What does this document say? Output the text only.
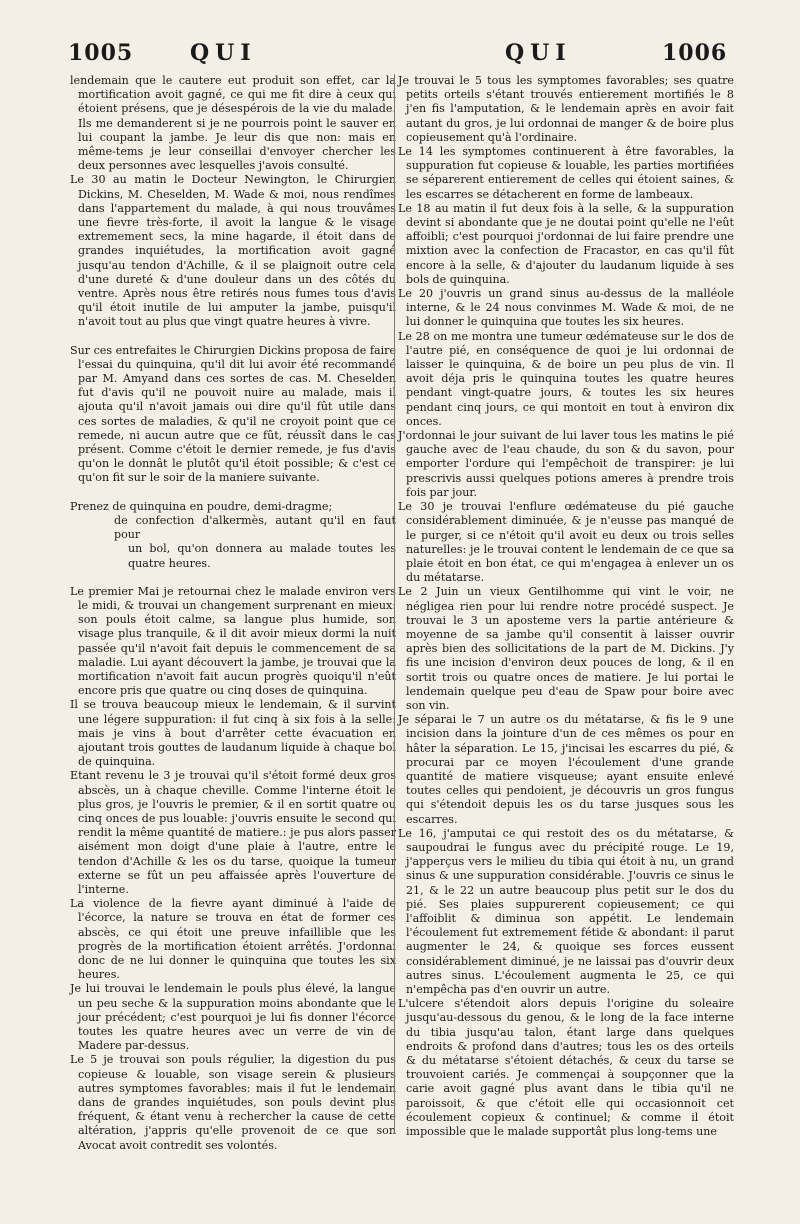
1005	QUI	QUI	1006

lendemain que le cautere eut produit son effet, car la mortification avoit gagné, ce qui me fit dire à ceux qui étoient présens, que je désespérois de la vie du malade. Ils me demanderent si je ne pourrois point le sauver en lui coupant la jambe. Je leur dis que non: mais en même-tems je leur conseillai d'envoyer chercher les deux personnes avec lesquelles j'avois consulté.

Le 30 au matin le Docteur Newington, le Chirurgien Dickins, M. Cheselden, M. Wade & moi, nous rendîmes dans l'appartement du malade, à qui nous trouvâmes une fievre très-forte, il avoit la langue & le visage extremement secs, la mine hagarde, il étoit dans de grandes inquiétudes, la mortification avoit gagné jusqu'au tendon d'Achille, & il se plaignoit outre cela d'une dureté & d'une douleur dans un des côtés du ventre. Après nous être retirés nous fumes tous d'avis qu'il étoit inutile de lui amputer la jambe, puisqu'il n'avoit tout au plus que vingt quatre heures à vivre.

Sur ces entrefaites le Chirurgien Dickins proposa de faire l'essai du quinquina, qu'il dit lui avoir été recommandé par M. Amyand dans ces sortes de cas. M. Cheselden fut d'avis qu'il ne pouvoit nuire au malade, mais il ajouta qu'il n'avoit jamais oui dire qu'il fût utile dans ces sortes de maladies, & qu'il ne croyoit point que ce remede, ni aucun autre que ce fût, réussît dans le cas présent. Comme c'étoit le dernier remede, je fus d'avis qu'on le donnât le plutôt qu'il étoit possible; & c'est ce qu'on fit sur le soir de la maniere suivante.

Prenez de quinquina en poudre, demi-dragme;

de confection d'alkermès, autant qu'il en faut pour

un bol, qu'on donnera au malade toutes les quatre heures.

Le premier Mai je retournai chez le malade environ vers le midi, & trouvai un changement surprenant en mieux: son pouls étoit calme, sa langue plus humide, son visage plus tranquile, & il dit avoir mieux dormi la nuit passée qu'il n'avoit fait depuis le commencement de sa maladie. Lui ayant découvert la jambe, je trouvai que la mortification n'avoit fait aucun progrès quoiqu'il n'eût encore pris que quatre ou cinq doses de quinquina.

Il se trouva beaucoup mieux le lendemain, & il survint une légere suppuration: il fut cinq à six fois à la selle: mais je vins à bout d'arrêter cette évacuation en ajoutant trois gouttes de laudanum liquide à chaque bol de quinquina.

Etant revenu le 3 je trouvai qu'il s'étoit formé deux gros abscès, un à chaque cheville. Comme l'interne étoit le plus gros, je l'ouvris le premier, & il en sortit quatre ou cinq onces de pus louable: j'ouvris ensuite le second qui rendit la même quantité de matiere.: je pus alors passer aisément mon doigt d'une plaie à l'autre, entre le tendon d'Achille & les os du tarse, quoique la tumeur externe se fût un peu affaissée après l'ouverture de l'interne.

La violence de la fievre ayant diminué à l'aide de l'écorce, la nature se trouva en état de former ces abscès, ce qui étoit une preuve infaillible que les progrès de la mortification étoient arrêtés. J'ordonnai donc de ne lui donner le quinquina que toutes les six heures.

Je lui trouvai le lendemain le pouls plus élevé, la langue un peu seche & la suppuration moins abondante que le jour précédent; c'est pourquoi je lui fis donner l'écorce toutes les quatre heures avec un verre de vin de Madere par-dessus.

Le 5 je trouvai son pouls régulier, la digestion du pus copieuse & louable, son visage serein & plusieurs autres symptomes favorables: mais il fut le lendemain dans de grandes inquiétudes, son pouls devint plus fréquent, & étant venu à rechercher la cause de cette altération, j'appris qu'elle provenoit de ce que son Avocat avoit contredit ses volontés.

Je trouvai le 5 tous les symptomes favorables; ses quatre petits orteils s'étant trouvés entierement mortifiés le 8 j'en fis l'amputation, & le lendemain après en avoir fait autant du gros, je lui ordonnai de manger & de boire plus copieusement qu'à l'ordinaire.

Le 14 les symptomes continuerent à être favorables, la suppuration fut copieuse & louable, les parties mortifiées se séparerent entierement de celles qui étoient saines, & les escarres se détacherent en forme de lambeaux.

Le 18 au matin il fut deux fois à la selle, & la suppuration devint si abondante que je ne doutai point qu'elle ne l'eût affoibli; c'est pourquoi j'ordonnai de lui faire prendre une mixtion avec la confection de Fracastor, en cas qu'il fût encore à la selle, & d'ajouter du laudanum liquide à ses bols de quinquina.

Le 20 j'ouvris un grand sinus au-dessus de la malléole interne, & le 24 nous convinmes M. Wade & moi, de ne lui donner le quinquina que toutes les six heures.

Le 28 on me montra une tumeur œdémateuse sur le dos de l'autre pié, en conséquence de quoi je lui ordonnai de laisser le quinquina, & de boire un peu plus de vin. Il avoit déja pris le quinquina toutes les quatre heures pendant vingt-quatre jours, & toutes les six heures pendant cinq jours, ce qui montoit en tout à environ dix onces.

J'ordonnai le jour suivant de lui laver tous les matins le pié gauche avec de l'eau chaude, du son & du savon, pour emporter l'ordure qui l'empêchoit de transpirer: je lui prescrivis aussi quelques potions ameres à prendre trois fois par jour.

Le 30 je trouvai l'enflure œdémateuse du pié gauche considérablement diminuée, & je n'eusse pas manqué de le purger, si ce n'étoit qu'il avoit eu deux ou trois selles naturelles: je le trouvai content le lendemain de ce que sa plaie étoit en bon état, ce qui m'engagea à enlever un os du métatarse.

Le 2 Juin un vieux Gentilhomme qui vint le voir, ne négligea rien pour lui rendre notre procédé suspect. Je trouvai le 3 un aposteme vers la partie antérieure & moyenne de sa jambe qu'il consentit à laisser ouvrir après bien des sollicitations de la part de M. Dickins. J'y fis une incision d'environ deux pouces de long, & il en sortit trois ou quatre onces de matiere. Je lui portai le lendemain quelque peu d'eau de Spaw pour boire avec son vin.

Je séparai le 7 un autre os du métatarse, & fis le 9 une incision dans la jointure d'un de ces mêmes os pour en hâter la séparation. Le 15, j'incisai les escarres du pié, & procurai par ce moyen l'écoulement d'une grande quantité de matiere visqueuse; ayant ensuite enlevé toutes celles qui pendoient, je découvris un gros fungus qui s'étendoit depuis les os du tarse jusques sous les escarres.

Le 16, j'amputai ce qui restoit des os du métatarse, & saupoudrai le fungus avec du précipité rouge. Le 19, j'apperçus vers le milieu du tibia qui étoit à nu, un grand sinus & une suppuration considérable. J'ouvris ce sinus le 21, & le 22 un autre beaucoup plus petit sur le dos du pié. Ses plaies suppurerent copieusement; ce qui l'affoiblit & diminua son appétit. Le lendemain l'écoulement fut extremement fétide & abondant: il parut augmenter le 24, & quoique ses forces eussent considérablement diminué, je ne laissai pas d'ouvrir deux autres sinus. L'écoulement augmenta le 25, ce qui n'empêcha pas d'en ouvrir un autre.

L'ulcere s'étendoit alors depuis l'origine du soleaire jusqu'au-dessous du genou, & le long de la face interne du tibia jusqu'au talon, étant large dans quelques endroits & profond dans d'autres; tous les os des orteils & du métatarse s'étoient détachés, & ceux du tarse se trouvoient cariés. Je commençai à soupçonner que la carie avoit gagné plus avant dans le tibia qu'il ne paroissoit, & que c'étoit elle qui occasionnoit cet écoulement copieux & continuel; & comme il étoit impossible que le malade supportât plus long-tems une
